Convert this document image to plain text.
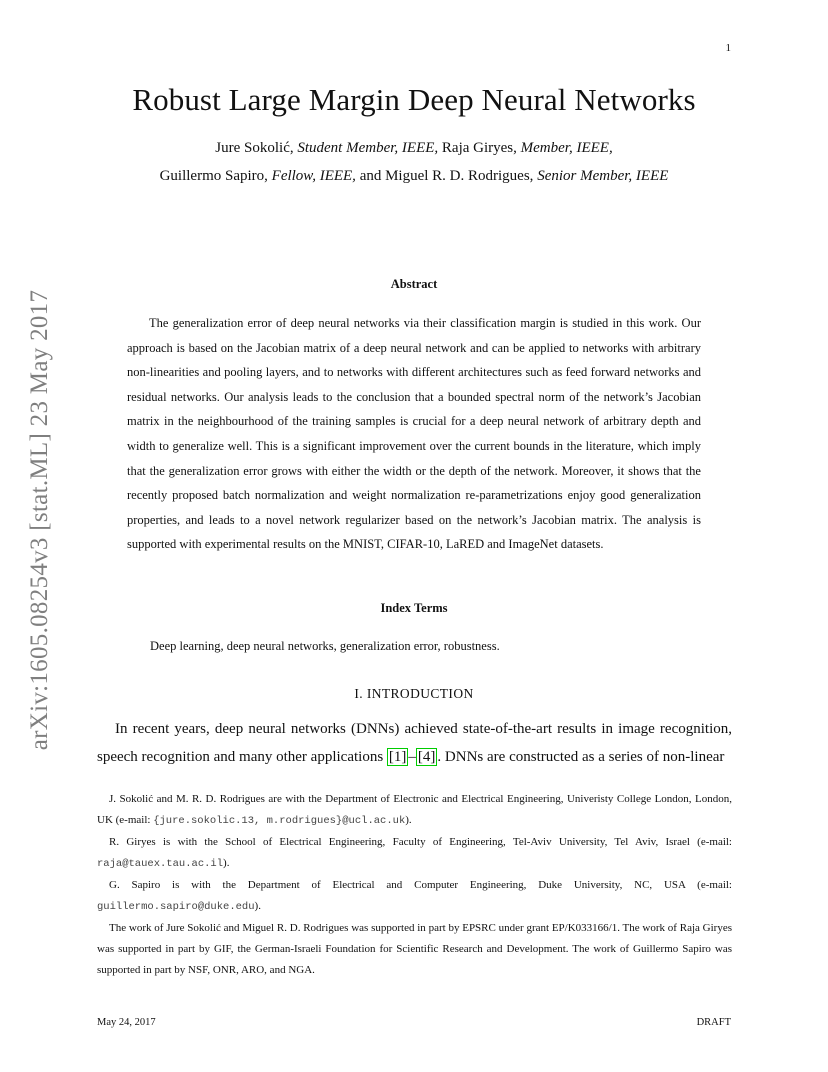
1
arXiv:1605.08254v3 [stat.ML] 23 May 2017
Robust Large Margin Deep Neural Networks
Jure Sokolić, Student Member, IEEE, Raja Giryes, Member, IEEE,
Guillermo Sapiro, Fellow, IEEE, and Miguel R. D. Rodrigues, Senior Member, IEEE
Abstract

The generalization error of deep neural networks via their classification margin is studied in this work. Our approach is based on the Jacobian matrix of a deep neural network and can be applied to networks with arbitrary non-linearities and pooling layers, and to networks with different architectures such as feed forward networks and residual networks. Our analysis leads to the conclusion that a bounded spectral norm of the network’s Jacobian matrix in the neighbourhood of the training samples is crucial for a deep neural network of arbitrary depth and width to generalize well. This is a significant improvement over the current bounds in the literature, which imply that the generalization error grows with either the width or the depth of the network. Moreover, it shows that the recently proposed batch normalization and weight normalization re-parametrizations enjoy good generalization properties, and leads to a novel network regularizer based on the network’s Jacobian matrix. The analysis is supported with experimental results on the MNIST, CIFAR-10, LaRED and ImageNet datasets.

Index Terms
Deep learning, deep neural networks, generalization error, robustness.
I. INTRODUCTION

In recent years, deep neural networks (DNNs) achieved state-of-the-art results in image recognition, speech recognition and many other applications [1] – [4] . DNNs are constructed as a series of non-linear

J. Sokolić and M. R. D. Rodrigues are with the Department of Electronic and Electrical Engineering, Univeristy College London, London, UK (e-mail: {jure.sokolic.13, m.rodrigues}@ucl.ac.uk).

R. Giryes is with the School of Electrical Engineering, Faculty of Engineering, Tel-Aviv University, Tel Aviv, Israel (e-mail: raja@tauex.tau.ac.il).

G. Sapiro is with the Department of Electrical and Computer Engineering, Duke University, NC, USA (e-mail: guillermo.sapiro@duke.edu).

The work of Jure Sokolić and Miguel R. D. Rodrigues was supported in part by EPSRC under grant EP/K033166/1. The work of Raja Giryes was supported in part by GIF, the German-Israeli Foundation for Scientific Research and Development. The work of Guillermo Sapiro was supported in part by NSF, ONR, ARO, and NGA.

May 24, 2017	DRAFT
